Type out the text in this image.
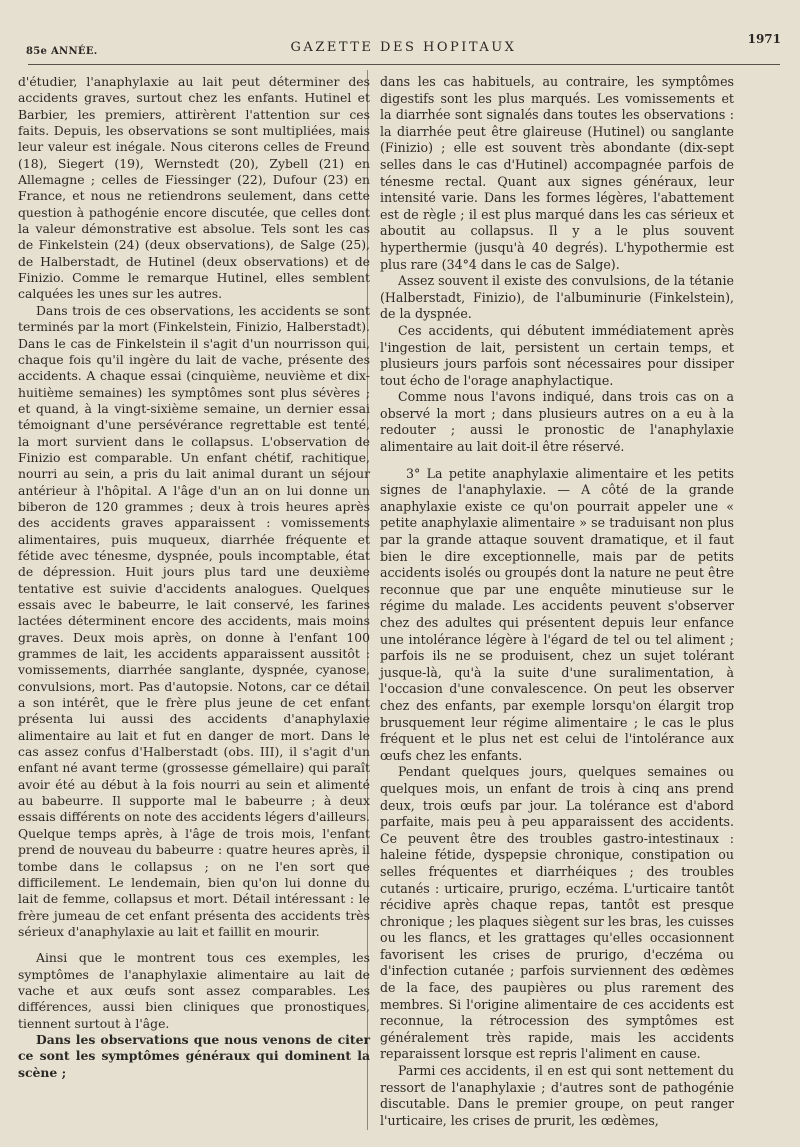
85e ANNÉE.	GAZETTE DES HOPITAUX
1971

d'étudier, l'anaphylaxie au lait peut déterminer des accidents graves, surtout chez les enfants. Hutinel et Barbier, les premiers, attirèrent l'attention sur ces faits. Depuis, les observations se sont multipliées, mais leur valeur est inégale. Nous citerons celles de Freund (18), Siegert (19), Wernstedt (20), Zybell (21) en Allemagne ; celles de Fiessinger (22), Dufour (23) en France, et nous ne retiendrons seulement, dans cette question à pathogénie encore discutée, que celles dont la valeur démonstrative est absolue. Tels sont les cas de Finkelstein (24) (deux observations), de Salge (25), de Halberstadt, de Hutinel (deux observations) et de Finizio. Comme le remarque Hutinel, elles semblent calquées les unes sur les autres.

Dans trois de ces observations, les accidents se sont terminés par la mort (Finkelstein, Finizio, Halberstadt). Dans le cas de Finkelstein il s'agit d'un nourrisson qui, chaque fois qu'il ingère du lait de vache, présente des accidents. A chaque essai (cinquième, neuvième et dix-huitième semaines) les symptômes sont plus sévères ; et quand, à la vingt-sixième semaine, un dernier essai témoignant d'une persévérance regrettable est tenté, la mort survient dans le collapsus. L'observation de Finizio est comparable. Un enfant chétif, rachitique, nourri au sein, a pris du lait animal durant un séjour antérieur à l'hôpital. A l'âge d'un an on lui donne un biberon de 120 grammes ; deux à trois heures après des accidents graves apparaissent : vomissements alimentaires, puis muqueux, diarrhée fréquente et fétide avec ténesme, dyspnée, pouls incomptable, état de dépression. Huit jours plus tard une deuxième tentative est suivie d'accidents analogues. Quelques essais avec le babeurre, le lait conservé, les farines lactées déterminent encore des accidents, mais moins graves. Deux mois après, on donne à l'enfant 100 grammes de lait, les accidents apparaissent aussitôt : vomissements, diarrhée sanglante, dyspnée, cyanose, convulsions, mort. Pas d'autopsie. Notons, car ce détail a son intérêt, que le frère plus jeune de cet enfant présenta lui aussi des accidents d'anaphylaxie alimentaire au lait et fut en danger de mort. Dans le cas assez confus d'Halberstadt (obs. III), il s'agit d'un enfant né avant terme (grossesse gémellaire) qui paraît avoir été au début à la fois nourri au sein et alimenté au babeurre. Il supporte mal le babeurre ; à deux essais différents on note des accidents légers d'ailleurs. Quelque temps après, à l'âge de trois mois, l'enfant prend de nouveau du babeurre : quatre heures après, il tombe dans le collapsus ; on ne l'en sort que difficilement. Le lendemain, bien qu'on lui donne du lait de femme, collapsus et mort. Détail intéressant : le frère jumeau de cet enfant présenta des accidents très sérieux d'anaphylaxie au lait et faillit en mourir.

Ainsi que le montrent tous ces exemples, les symptômes de l'anaphylaxie alimentaire au lait de vache et aux œufs sont assez comparables. Les différences, aussi bien cliniques que pronostiques, tiennent surtout à l'âge.

Dans les observations que nous venons de citer ce sont les symptômes généraux qui dominent la scène ;

dans les cas habituels, au contraire, les symptômes digestifs sont les plus marqués. Les vomissements et la diarrhée sont signalés dans toutes les observations : la diarrhée peut être glaireuse (Hutinel) ou sanglante (Finizio) ; elle est souvent très abondante (dix-sept selles dans le cas d'Hutinel) accompagnée parfois de ténesme rectal. Quant aux signes généraux, leur intensité varie. Dans les formes légères, l'abattement est de règle ; il est plus marqué dans les cas sérieux et aboutit au collapsus. Il y a le plus souvent hyperthermie (jusqu'à 40 degrés). L'hypothermie est plus rare (34°4 dans le cas de Salge).

Assez souvent il existe des convulsions, de la tétanie (Halberstadt, Finizio), de l'albuminurie (Finkelstein), de la dyspnée.

Ces accidents, qui débutent immédiatement après l'ingestion de lait, persistent un certain temps, et plusieurs jours parfois sont nécessaires pour dissiper tout écho de l'orage anaphylactique.

Comme nous l'avons indiqué, dans trois cas on a observé la mort ; dans plusieurs autres on a eu à la redouter ; aussi le pronostic de l'anaphylaxie alimentaire au lait doit-il être réservé.

3° La petite anaphylaxie alimentaire et les petits signes de l'anaphylaxie. — A côté de la grande anaphylaxie existe ce qu'on pourrait appeler une « petite anaphylaxie alimentaire » se traduisant non plus par la grande attaque souvent dramatique, et il faut bien le dire exceptionnelle, mais par de petits accidents isolés ou groupés dont la nature ne peut être reconnue que par une enquête minutieuse sur le régime du malade. Les accidents peuvent s'observer chez des adultes qui présentent depuis leur enfance une intolérance légère à l'égard de tel ou tel aliment ; parfois ils ne se produisent, chez un sujet tolérant jusque-là, qu'à la suite d'une suralimentation, à l'occasion d'une convalescence. On peut les observer chez des enfants, par exemple lorsqu'on élargit trop brusquement leur régime alimentaire ; le cas le plus fréquent et le plus net est celui de l'intolérance aux œufs chez les enfants.

Pendant quelques jours, quelques semaines ou quelques mois, un enfant de trois à cinq ans prend deux, trois œufs par jour. La tolérance est d'abord parfaite, mais peu à peu apparaissent des accidents. Ce peuvent être des troubles gastro-intestinaux : haleine fétide, dyspepsie chronique, constipation ou selles fréquentes et diarrhéiques ; des troubles cutanés : urticaire, prurigo, eczéma. L'urticaire tantôt récidive après chaque repas, tantôt est presque chronique ; les plaques siègent sur les bras, les cuisses ou les flancs, et les grattages qu'elles occasionnent favorisent les crises de prurigo, d'eczéma ou d'infection cutanée ; parfois surviennent des œdèmes de la face, des paupières ou plus rarement des membres. Si l'origine alimentaire de ces accidents est reconnue, la rétrocession des symptômes est généralement très rapide, mais les accidents reparaissent lorsque est repris l'aliment en cause.

Parmi ces accidents, il en est qui sont nettement du ressort de l'anaphylaxie ; d'autres sont de pathogénie discutable. Dans le premier groupe, on peut ranger l'urticaire, les crises de prurit, les œdèmes,
